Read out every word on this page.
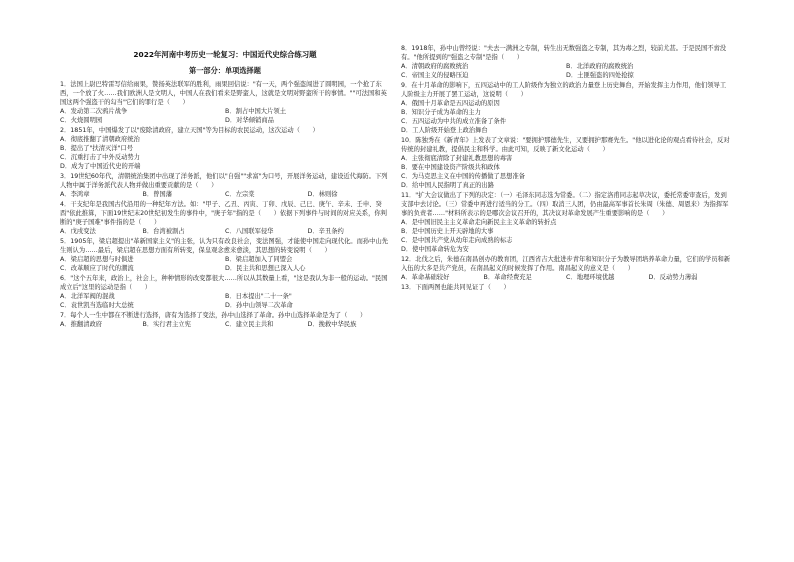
2022年河南中考历史一轮复习：中国近代史综合练习题
第一部分：单项选择题
1．法国上尉巴特雷写信给雨果，赞扬英法联军的胜利，雨果回信说："有一天，两个强盗闯进了圆明园，一个抢了东西，一个放了火……我们欧洲人是文明人，中国人在我们看来是野蛮人，这就是文明对野蛮所干的事情。""可法国和英国这两个强盗干的勾当"它们的罪行是（　　）
A．发动第二次鸦片战争	B．割占中国大片领土
C．火烧圆明园	D．对华倾销商品
2．1851年，中国爆发了以"废除清政府，建立天国"等为目标的农民运动，这次运动（　　）
A．彻底推翻了清朝政府统治
B．提出了"扶清灭洋"口号
C．沉重打击了中外反动势力
D．成为了中国近代史的开端
3．19世纪60年代，清朝统治集团中出现了洋务派，他们以"自强""求富"为口号，开展洋务运动，建设近代海防。下列人物中属于洋务派代表人物并做出重要贡献的是（　　）
A．李鸿章	B．曾国藩	C．左宗棠	D．林则徐
4．干支纪年是我国古代沿用的一种纪年方法。如："甲子、乙丑、丙寅、丁卯、戊辰、己巳、庚午、辛未、壬申、癸酉"依此推算，下面19世纪末20世纪初发生的事件中，"庚子年"指的是（　　）依据下列事件与时间的对应关系，你判断的"庚子国难"事件指的是（　　）
A．戊戌变法	B．台湾被割占	C．八国联军侵华	D．辛丑条约
5．1905年，梁启超提出"革新国家主义"的主张，认为只有改良社会，变法图强，才能使中国走向现代化。而孙中山先生则认为……最后，梁启超在思想方面有所转变，保皇观念愈来愈淡，其思想的转变说明（　　）
A．梁启超的思想与时俱进	B．梁启超加入了同盟会
C．改革顺应了时代的潮流	D．民主共和思想已深入人心
6．"这个五年来，政治上，社会上，种种情形的改变都很大……所以从其数量上看，"这是我认为非一般的运动。"民国成立后"这里的运动是指（　　）
A．北洋军阀的混战	B．日本提出"二十一条"
C．袁世凯当选临时大总统	D．孙中山领导二次革命
7．每个人一生中都在不断进行选择，唐有为选择了变法，孙中山选择了革命。孙中山选择革命是为了（　　）
A．推翻清政府	B．实行君主立宪	C．建立民主共和	D．挽救中华民族
8．1918年，孙中山曾经说："夫去一满洲之专制，转生出无数强盗之专制，其为毒之烈，较前尤甚。于是民国不啻没有。"他所提到的"强盗之专制"是指（　　）
A．清朝政府的腐败统治	B．北洋政府的腐败统治
C．帝国主义的侵略压迫	D．土匪强盗的四处抢掠
9．在十月革命的影响下，五四运动中的工人阶级作为独立的政治力量登上历史舞台，开始发挥主力作用，他们领导工人阶级主力开展了罢工运动，这说明（　　）
A．俄国十月革命是五四运动的原因
B．知识分子成为革命的主力
C．五四运动为中共的成立准备了条件
D．工人阶级开始登上政治舞台
10．陈独秀在《新青年》上发表了文章说："要拥护那德先生，又要拥护那赛先生。"他以进化论的观点看待社会，反对传统的封建礼教，提倡民主和科学。由此可知，反映了新文化运动（　　）
A．主张彻底清除了封建礼教思想的毒害
B．要在中国建设资产阶级共和政体
C．为马克思主义在中国的传播做了思想准备
D．给中国人民指明了真正的出路
11．"扩大会议做出了下列的决定：（一）毛泽东同志选为常委。（二）指定洛甫同志起草决议，委托常委审查后，发到支部中去讨论。（三）常委中再进行适当的分工。（四）取消三人团，仍由最高军事首长朱周（朱德、周恩来）为指挥军事的负责者……"材料所表示的是哪次会议召开的，其决议对革命发展产生重要影响的是（　　）
A．是中国旧民主主义革命走向新民主主义革命的转折点
B．是中国历史上开天辟地的大事
C．是中国共产党从幼年走向成熟的标志
D．使中国革命转危为安
12．北伐之后，朱德在南昌创办的教育团，江西省吉大批进步青年和知识分子为教导团培养革命力量，它们的学员和新入伍的大多是共产党员，在南昌起义的时候发挥了作用。南昌起义的意义是（　　）
A．革命基础较好	B．革命经费充足	C．地理环境优越	D．反动势力薄弱
13．下面两图也能共同见证了（　　）
